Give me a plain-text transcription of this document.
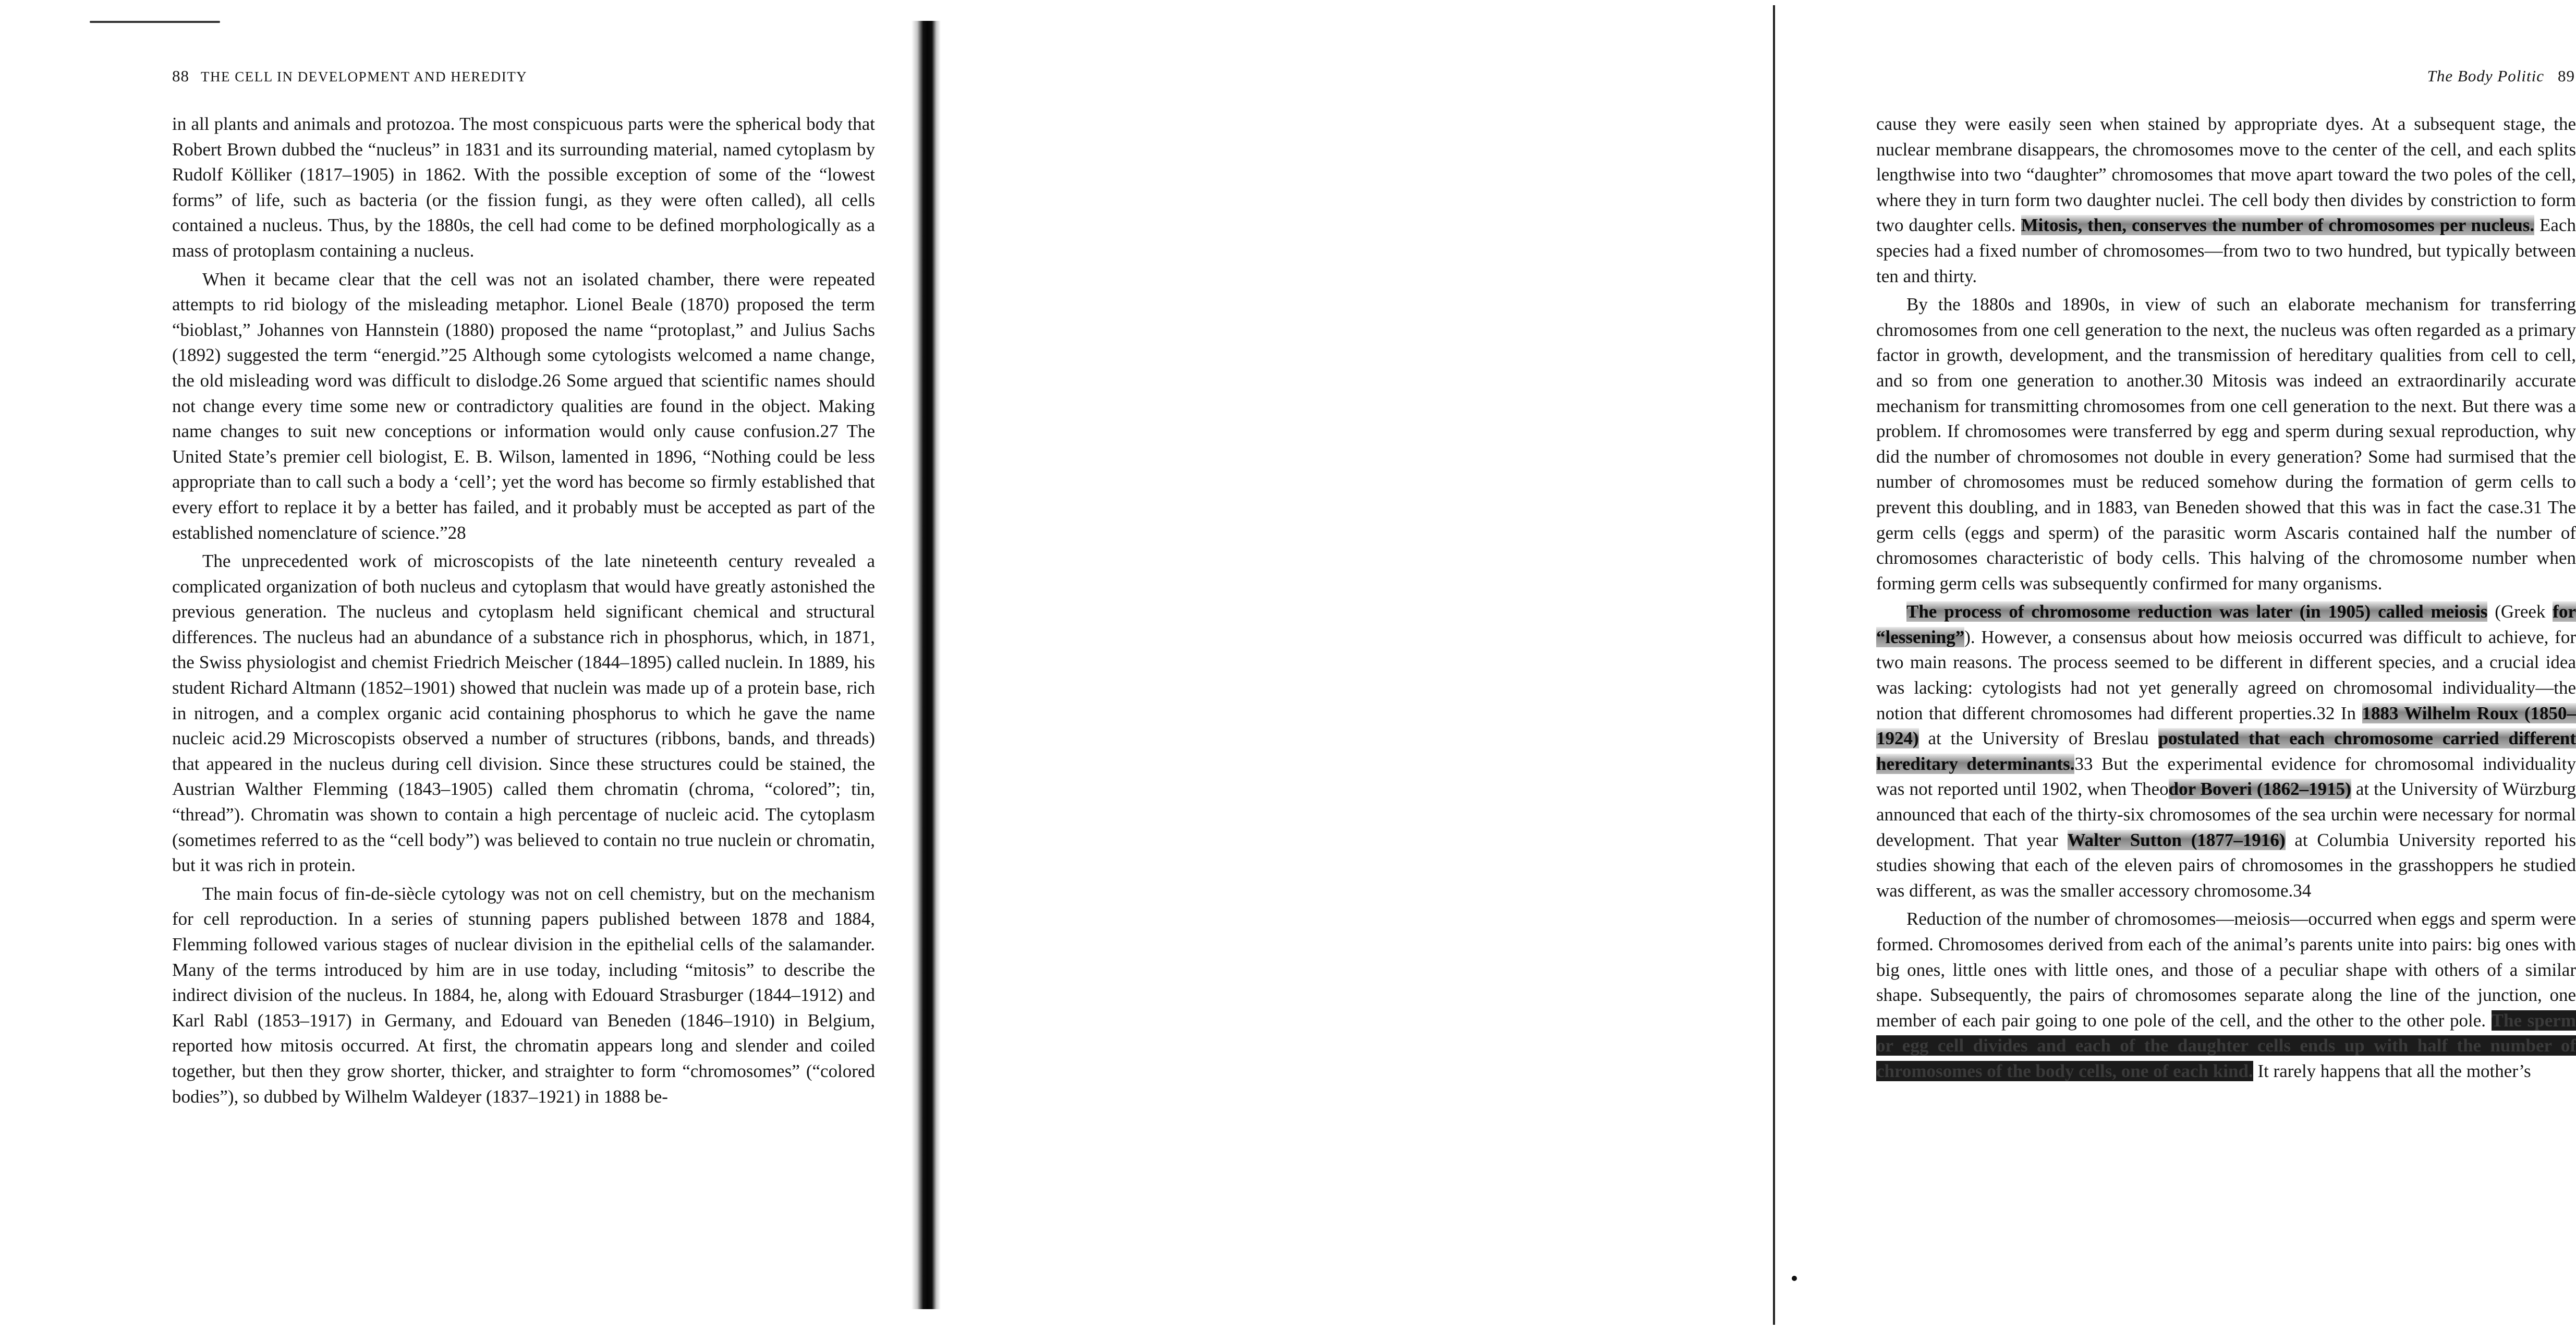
88 THE CELL IN DEVELOPMENT AND HEREDITY

in all plants and animals and protozoa. The most conspicuous parts were the spherical body that Robert Brown dubbed the “nucleus” in 1831 and its surrounding material, named cytoplasm by Rudolf Kölliker (1817–1905) in 1862. With the possible exception of some of the “lowest forms” of life, such as bacteria (or the fission fungi, as they were often called), all cells contained a nucleus. Thus, by the 1880s, the cell had come to be defined morphologically as a mass of protoplasm containing a nucleus.

When it became clear that the cell was not an isolated chamber, there were repeated attempts to rid biology of the misleading metaphor. Lionel Beale (1870) proposed the term “bioblast,” Johannes von Hannstein (1880) proposed the name “protoplast,” and Julius Sachs (1892) suggested the term “energid.”25 Although some cytologists welcomed a name change, the old misleading word was difficult to dislodge.26 Some argued that scientific names should not change every time some new or contradictory qualities are found in the object. Making name changes to suit new conceptions or information would only cause confusion.27 The United State’s premier cell biologist, E. B. Wilson, lamented in 1896, “Nothing could be less appropriate than to call such a body a ‘cell’; yet the word has become so firmly established that every effort to replace it by a better has failed, and it probably must be accepted as part of the established nomenclature of science.”28

The unprecedented work of microscopists of the late nineteenth century revealed a complicated organization of both nucleus and cytoplasm that would have greatly astonished the previous generation. The nucleus and cytoplasm held significant chemical and structural differences. The nucleus had an abundance of a substance rich in phosphorus, which, in 1871, the Swiss physiologist and chemist Friedrich Meischer (1844–1895) called nuclein. In 1889, his student Richard Altmann (1852–1901) showed that nuclein was made up of a protein base, rich in nitrogen, and a complex organic acid containing phosphorus to which he gave the name nucleic acid.29 Microscopists observed a number of structures (ribbons, bands, and threads) that appeared in the nucleus during cell division. Since these structures could be stained, the Austrian Walther Flemming (1843–1905) called them chromatin (chroma, “colored”; tin, “thread”). Chromatin was shown to contain a high percentage of nucleic acid. The cytoplasm (sometimes referred to as the “cell body”) was believed to contain no true nuclein or chromatin, but it was rich in protein.

The main focus of fin-de-siècle cytology was not on cell chemistry, but on the mechanism for cell reproduction. In a series of stunning papers published between 1878 and 1884, Flemming followed various stages of nuclear division in the epithelial cells of the salamander. Many of the terms introduced by him are in use today, including “mitosis” to describe the indirect division of the nucleus. In 1884, he, along with Edouard Strasburger (1844–1912) and Karl Rabl (1853–1917) in Germany, and Edouard van Beneden (1846–1910) in Belgium, reported how mitosis occurred. At first, the chromatin appears long and slender and coiled together, but then they grow shorter, thicker, and straighter to form “chromosomes” (“colored bodies”), so dubbed by Wilhelm Waldeyer (1837–1921) in 1888 be-

The Body Politic 89

cause they were easily seen when stained by appropriate dyes. At a subsequent stage, the nuclear membrane disappears, the chromosomes move to the center of the cell, and each splits lengthwise into two “daughter” chromosomes that move apart toward the two poles of the cell, where they in turn form two daughter nuclei. The cell body then divides by constriction to form two daughter cells. Mitosis, then, conserves the number of chromosomes per nucleus. Each species had a fixed number of chromosomes—from two to two hundred, but typically between ten and thirty.

By the 1880s and 1890s, in view of such an elaborate mechanism for transferring chromosomes from one cell generation to the next, the nucleus was often regarded as a primary factor in growth, development, and the transmission of hereditary qualities from cell to cell, and so from one generation to another.30 Mitosis was indeed an extraordinarily accurate mechanism for transmitting chromosomes from one cell generation to the next. But there was a problem. If chromosomes were transferred by egg and sperm during sexual reproduction, why did the number of chromosomes not double in every generation? Some had surmised that the number of chromosomes must be reduced somehow during the formation of germ cells to prevent this doubling, and in 1883, van Beneden showed that this was in fact the case.31 The germ cells (eggs and sperm) of the parasitic worm Ascaris contained half the number of chromosomes characteristic of body cells. This halving of the chromosome number when forming germ cells was subsequently confirmed for many organisms.

The process of chromosome reduction was later (in 1905) called meiosis (Greek for “lessening”). However, a consensus about how meiosis occurred was difficult to achieve, for two main reasons. The process seemed to be different in different species, and a crucial idea was lacking: cytologists had not yet generally agreed on chromosomal individuality—the notion that different chromosomes had different properties.32 In 1883 Wilhelm Roux (1850–1924) at the University of Breslau postulated that each chromosome carried different hereditary determinants.33 But the experimental evidence for chromosomal individuality was not reported until 1902, when Theodor Boveri (1862–1915) at the University of Würzburg announced that each of the thirty-six chromosomes of the sea urchin were necessary for normal development. That year Walter Sutton (1877–1916) at Columbia University reported his studies showing that each of the eleven pairs of chromosomes in the grasshoppers he studied was different, as was the smaller accessory chromosome.34

Reduction of the number of chromosomes—meiosis—occurred when eggs and sperm were formed. Chromosomes derived from each of the animal’s parents unite into pairs: big ones with big ones, little ones with little ones, and those of a peculiar shape with others of a similar shape. Subsequently, the pairs of chromosomes separate along the line of the junction, one member of each pair going to one pole of the cell, and the other to the other pole. The sperm or egg cell divides and each of the daughter cells ends up with half the number of chromosomes of the body cells, one of each kind. It rarely happens that all the mother’s
